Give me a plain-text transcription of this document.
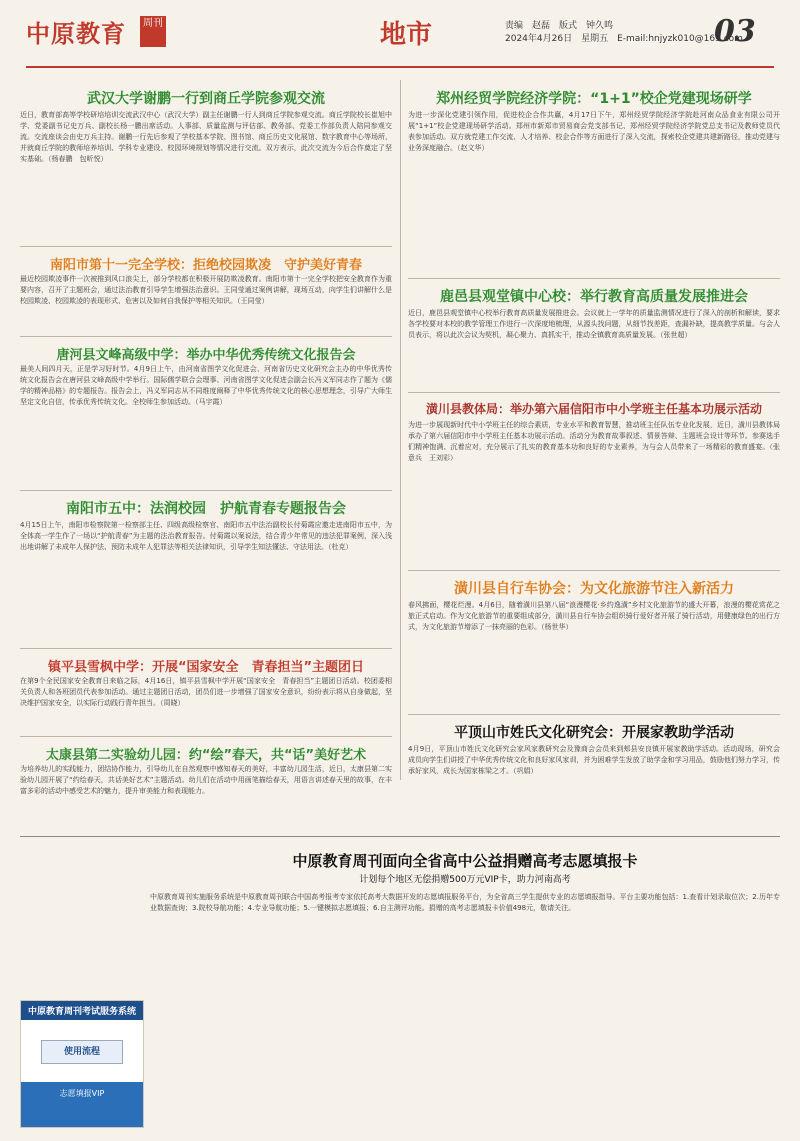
中原教育	周刊	地市	责编　赵磊　版式　钟久鸣
2024年4月26日　星期五　E-mail:hnjyzk010@163.com
03
武汉大学谢鹏一行到商丘学院参观交流
近日，教育部高等学校研培培训交流武汉中心（武汉大学）副主任谢鹏一行人到商丘学院参观交流。商丘学院校长崔旭中学、党委副书记史万兵、副校长杨一鹏出席活动。人事部、质量监测与评估部、教务部、党委工作部负责人陪同参观交流。交流座谈会由史万兵主持。谢鹏一行先后参观了学校基本学院、图书馆、商丘历史文化展馆、数字教育中心等场所，并就商丘学院的教师培养培训、学科专业建设、校园环境规划等情况进行交流。双方表示，此次交流为今后合作奠定了坚实基础。（杨春鹏　包昕悦）
南阳市第十一完全学校：拒绝校园欺凌　守护美好青春
最近校园欺凌事件一次被推到风口浪尖上，部分学校都在积极开展防欺凌教育。南阳市第十一完全学校把安全教育作为重要内容，召开了主题班会，通过法治教育引导学生增强法治意识。王同莹通过案例讲解，现场互动，向学生们讲解什么是校园欺凌、校园欺凌的表现形式、危害以及如何自我保护等相关知识。（王同莹）
唐河县文峰高级中学：举办中华优秀传统文化报告会
最美人间四月天，正是学习好时节。4月9日上午，由河南省图学文化促进会、河南省历史文化研究会主办的中华优秀传统文化报告会在唐河县文峰高级中学举行。国际儒学联合会理事、河南省图学文化促进会副会长冯义军同志作了题为《儒学的精神品格》的专题报告。报告会上，冯义军同志从不同维度阐释了中华优秀传统文化的核心思想理念，引导广大师生坚定文化自信，传承优秀传统文化。全校师生参加活动。（马宇霞）
南阳市五中：法润校园　护航青春专题报告会
4月15日上午，南阳市检察院第一检察部主任、四级高级检察官、南阳市五中法治副校长付菊霞应邀走进南阳市五中，为全体高一学生作了一场以“护航青春”为主题的法治教育报告。付菊霞以案说法，结合青少年常见的违法犯罪案例，深入浅出地讲解了未成年人保护法、预防未成年人犯罪法等相关法律知识，引导学生知法懂法、守法用法。（杜克）
镇平县雪枫中学：开展“国家安全　青春担当”主题团日
在第9个全民国家安全教育日来临之际，4月16日，镇平县雪枫中学开展“国家安全　青春担当”主题团日活动。校团委相关负责人和各班团员代表参加活动。通过主题团日活动，团员们进一步增强了国家安全意识，纷纷表示将从自身做起，坚决维护国家安全，以实际行动践行青年担当。（周晓）
太康县第二实验幼儿园：约“绘”春天，共“话”美好艺术
为培养幼儿的实践能力，团结协作能力，引导幼儿在自然观察中感知春天的美好，丰富幼儿园生活，近日，太康县第二实验幼儿园开展了“约绘春天，共话美好艺术”主题活动。幼儿们在活动中用画笔描绘春天，用语言讲述春天里的故事，在丰富多彩的活动中感受艺术的魅力，提升审美能力和表现能力。
郑州经贸学院经济学院：“1+1”校企党建现场研学
为进一步深化党建引领作用，促进校企合作共赢，4月17日下午，郑州经贸学院经济学院赴河南众品食业有限公司开展“1+1”校企党建现场研学活动。郑州市新郑市贸易商会党支部书记、郑州经贸学院经济学院党总支书记及教师党员代表参加活动。双方就党建工作交流、人才培养、校企合作等方面进行了深入交流，探索校企党建共建新路径，推动党建与业务深度融合。（赵文华）
鹿邑县观堂镇中心校：举行教育高质量发展推进会
近日，鹿邑县观堂镇中心校举行教育高质量发展推进会。会议就上一学年的质量监测情况进行了深入的剖析和解读，要求各学校要对本校的教学管理工作进行一次深度地梳理，从源头找问题，从细节找差距，查漏补缺，提高教学质量。与会人员表示，将以此次会议为契机，凝心聚力、真抓实干，推动全镇教育高质量发展。（张世超）
潢川县教体局：举办第六届信阳市中小学班主任基本功展示活动
为进一步展现新时代中小学班主任的综合素质，专业水平和教育智慧，推动班主任队伍专业化发展，近日，潢川县教体局承办了第六届信阳市中小学班主任基本功展示活动。活动分为教育故事叙述、情景答辩、主题班会设计等环节。参赛选手们精神饱满、沉着应对，充分展示了扎实的教育基本功和良好的专业素养，为与会人员带来了一场精彩的教育盛宴。（张意兵　王刘彩）
潢川县自行车协会：为文化旅游节注入新活力
春风拂面，樱花烂漫。4月6日，随着潢川县第八届“浪漫樱花·乡约逸潢”乡村文化旅游节的盛大开幕，浪漫的樱花赏花之旅正式启动。作为文化旅游节的重要组成部分，潢川县自行车协会组织骑行爱好者开展了骑行活动，用健康绿色的出行方式，为文化旅游节增添了一抹亮丽的色彩。（杨世华）
平顶山市姓氏文化研究会：开展家教助学活动
4月9日，平顶山市姓氏文化研究会家风家教研究会及豫商会会员来到郏县安良镇开展家教助学活动。活动现场，研究会成员向学生们讲授了中华优秀传统文化和良好家风家训，并为困难学生发放了助学金和学习用品，鼓励他们努力学习，传承好家风，成长为国家栋梁之才。（巩娟）
中原教育周刊考试服务系统
使用流程
志愿填报VIP
中原教育周刊面向全省高中公益捐赠高考志愿填报卡
计划每个地区无偿捐赠500万元VIP卡，助力河南高考
中原教育周刊实施服务系统是中原教育周刊联合中国高考报考专家依托高考大数据开发的志愿填报服务平台，为全省高三学生提供专业的志愿填报指导。平台主要功能包括：1.查看计划录取位次；2.历年专业数据查询；3.院校导航功能；4.专业导航功能；5.一键模拟志愿填报；6.自主测评功能。捐赠的高考志愿填报卡价值498元，敬请关注。
